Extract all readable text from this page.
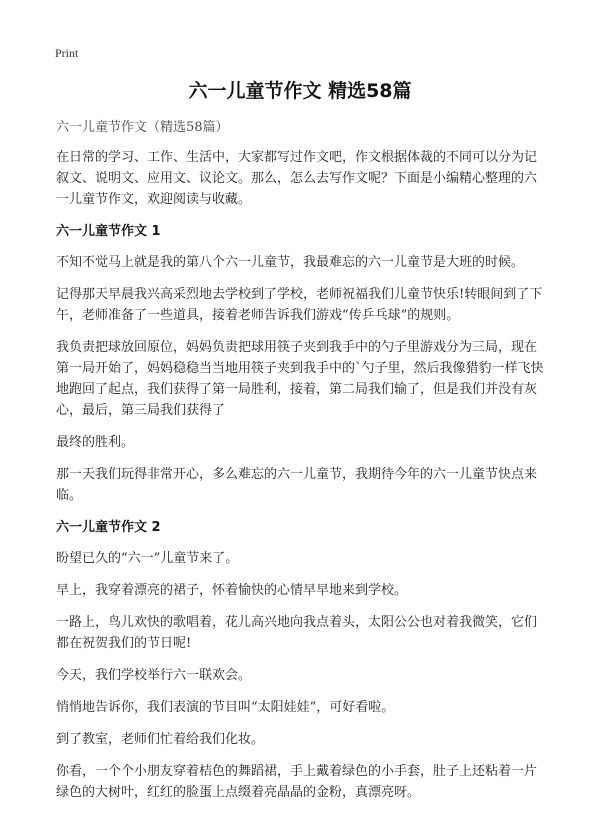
Print
六一儿童节作文 精选58篇

六一儿童节作文（精选58篇）

在日常的学习、工作、生活中，大家都写过作文吧，作文根据体裁的不同可以分为记叙文、说明文、应用文、议论文。那么，怎么去写作文呢？下面是小编精心整理的六一儿童节作文，欢迎阅读与收藏。

六一儿童节作文 1

不知不觉马上就是我的第八个六一儿童节，我最难忘的六一儿童节是大班的时候。

记得那天早晨我兴高采烈地去学校到了学校，老师祝福我们儿童节快乐!转眼间到了下午，老师准备了一些道具，接着老师告诉我们游戏“传乒乓球”的规则。

我负责把球放回原位，妈妈负责把球用筷子夹到我手中的勺子里游戏分为三局，现在第一局开始了，妈妈稳稳当当地用筷子夹到我手中的`勺子里，然后我像猎豹一样飞快地跑回了起点，我们获得了第一局胜利，接着，第二局我们输了，但是我们并没有灰心，最后，第三局我们获得了

最终的胜利。

那一天我们玩得非常开心，多么难忘的六一儿童节，我期待今年的六一儿童节快点来临。

六一儿童节作文 2

盼望已久的“六一”儿童节来了。

早上，我穿着漂亮的裙子，怀着愉快的心情早早地来到学校。

一路上，鸟儿欢快的歌唱着，花儿高兴地向我点着头，太阳公公也对着我微笑，它们都在祝贺我们的节日呢!

今天，我们学校举行六一联欢会。

悄悄地告诉你，我们表演的节目叫“太阳娃娃”，可好看啦。

到了教室，老师们忙着给我们化妆。

你看，一个个小朋友穿着桔色的舞蹈裙，手上戴着绿色的小手套，肚子上还粘着一片绿色的大树叶，红红的脸蛋上点缀着亮晶晶的金粉，真漂亮呀。
